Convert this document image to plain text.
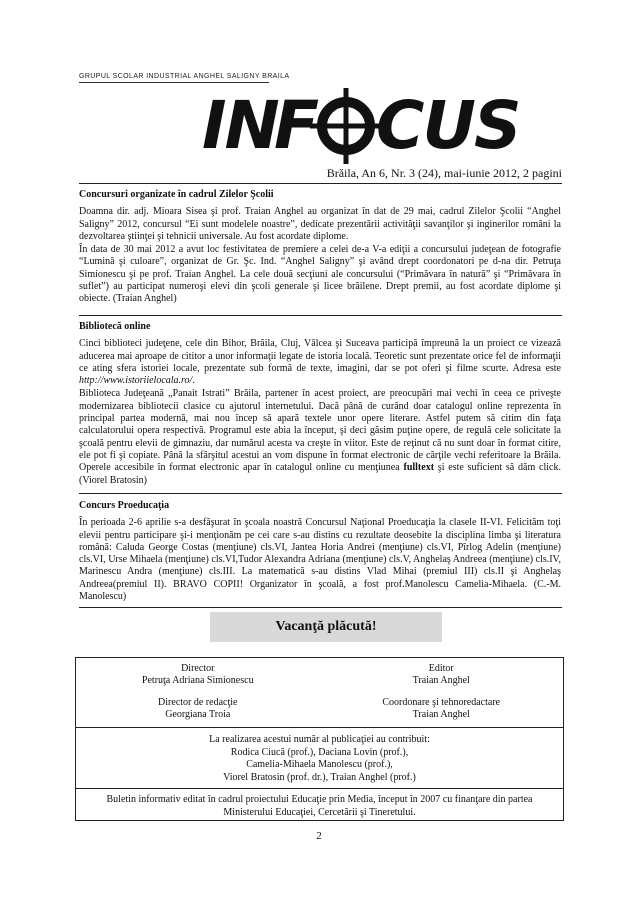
GRUPUL SCOLAR INDUSTRIAL ANGHEL SALIGNY BRAILA
IN
F CUS
Brăila, An 6, Nr. 3 (24), mai-iunie 2012, 2 pagini
Concursuri organizate în cadrul Zilelor Şcolii

Doamna dir. adj. Mioara Sisea şi prof. Traian Anghel au organizat în dat de 29 mai, cadrul Zilelor Şcolii “Anghel Saligny” 2012, concursul “Ei sunt modelele noastre”, dedicate prezentării activităţii savanţilor şi inginerilor români la dezvoltarea ştiinţei şi tehnicii universale. Au fost acordate diplome.

În data de 30 mai 2012 a avut loc festivitatea de premiere a celei de-a V-a ediţii a concursului judeţean de fotografie “Lumină şi culoare”, organizat de Gr. Şc. Ind. “Anghel Saligny” şi având drept coordonatori pe d-na dir. Petruţa Simionescu şi pe prof. Traian Anghel. La cele două secţiuni ale concursului (“Primăvara în natură” şi “Primăvara în suflet”) au participat numeroşi elevi din şcoli generale şi licee brăilene. Drept premii, au fost acordate diplome şi obiecte. (Traian Anghel)

Bibliotecă online

Cinci biblioteci judeţene, cele din Bihor, Brăila, Cluj, Vâlcea şi Suceava participă împreună la un proiect ce vizează aducerea mai aproape de cititor a unor informaţii legate de istoria locală. Teoretic sunt prezentate orice fel de informaţii ce ating sfera istoriei locale, prezentate sub formă de texte, imagini, dar se pot oferi şi filme scurte. Adresa este http://www.istoriielocala.ro/.

Biblioteca Judeţeană „Panait Istrati” Brăila, partener în acest proiect, are preocupări mai vechi în ceea ce priveşte modernizarea bibliotecii clasice cu ajutorul internetului. Dacă până de curând doar catalogul online reprezenta în principal partea modernă, mai nou încep să apară textele unor opere literare. Astfel putem să citim din faţa calculatorului opera respectivă. Programul este abia la început, şi deci găsim puţine opere, de regulă cele solicitate la şcoală pentru elevii de gimnaziu, dar numărul acesta va creşte în viitor. Este de reţinut că nu sunt doar în format citire, ele pot fi şi copiate. Până la sfârşitul acestui an vom dispune în format electronic de cărţile vechi referitoare la Brăila. Operele accesibile în format electronic apar în catalogul online cu menţiunea fulltext şi este suficient să dăm click. (Viorel Bratosin)

Concurs Proeducaţia

În perioada 2-6 aprilie s-a desfăşurat în şcoala noastră Concursul Naţional Proeducaţia la clasele II-VI. Felicităm toţi elevii pentru participare şi-i menţionăm pe cei care s-au distins cu rezultate deosebite la disciplina limba şi literatura română: Caluda George Costas (menţiune) cls.VI, Jantea Horia Andrei (menţiune) cls.VI, Pîrlog Adelin (menţiune) cls.VI, Urse Mihaela (menţiune) cls.VI,Tudor Alexandra Adriana (menţiune) cls.V, Anghelaş Andreea (menţiune) cls.IV, Marinescu Andra (menţiune) cls.III. La matematică s-au distins Vlad Mihai (premiul III) cls.II şi Anghelaş Andreea(premiul II). BRAVO COPII! Organizator în şcoală, a fost prof.Manolescu Camelia-Mihaela. (C.-M. Manolescu)

Vacanţă plăcută!
Director
Petruţa Adriana Simionescu
Editor
Traian Anghel
Director de redacţie
Georgiana Troia
Coordonare şi tehnoredactare
Traian Anghel
La realizarea acestui număr al publicaţiei au contribuit:
Rodica Ciucă (prof.), Daciana Lovin (prof.),
Camelia-Mihaela Manolescu (prof.),
Viorel Bratosin (prof. dr.), Traian Anghel (prof.)
Buletin informativ editat în cadrul proiectului Educaţie prin Media, început în 2007 cu finanţare din partea Ministerului Educaţiei, Cercetării şi Tineretului.
2
